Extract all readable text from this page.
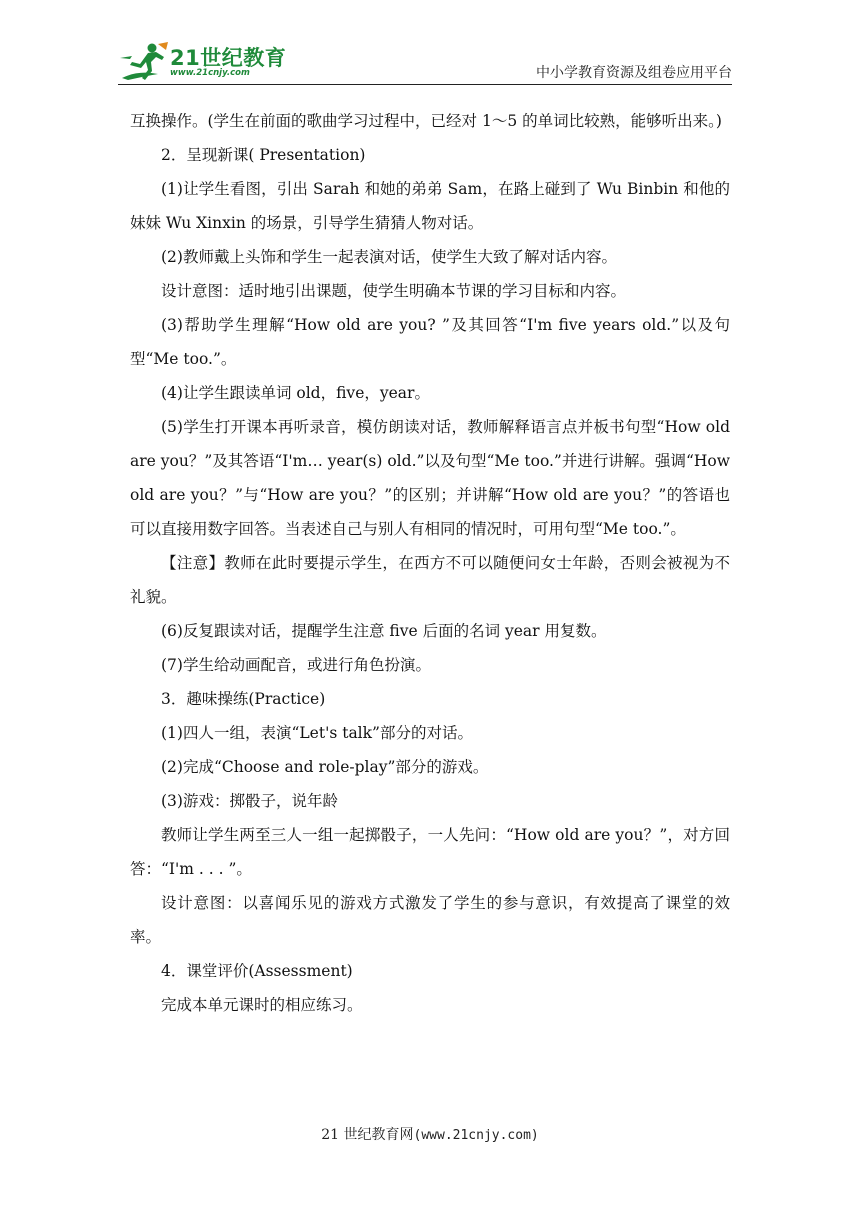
21世纪教育
www.21cnjy.com	中小学教育资源及组卷应用平台

互换操作。(学生在前面的歌曲学习过程中，已经对 1～5 的单词比较熟，能够听出来。)

2．呈现新课( Presentation)

(1)让学生看图，引出 Sarah 和她的弟弟 Sam，在路上碰到了 Wu Binbin 和他的妹妹 Wu Xinxin 的场景，引导学生猜猜人物对话。

(2)教师戴上头饰和学生一起表演对话，使学生大致了解对话内容。

设计意图：适时地引出课题，使学生明确本节课的学习目标和内容。

(3)帮助学生理解“How old are you? ”及其回答“I'm five years old.”以及句型“Me too.”。

(4)让学生跟读单词 old，five，year。

(5)学生打开课本再听录音，模仿朗读对话，教师解释语言点并板书句型“How old are you？”及其答语“I'm… year(s) old.”以及句型“Me too.”并进行讲解。强调“How old are you？”与“How are you？”的区别；并讲解“How old are you？”的答语也可以直接用数字回答。当表述自己与别人有相同的情况时，可用句型“Me too.”。

【注意】教师在此时要提示学生，在西方不可以随便问女士年龄，否则会被视为不礼貌。

(6)反复跟读对话，提醒学生注意 five 后面的名词 year 用复数。

(7)学生给动画配音，或进行角色扮演。

3．趣味操练(Practice)

(1)四人一组，表演“Let's talk”部分的对话。

(2)完成“Choose and role-play”部分的游戏。

(3)游戏：掷骰子，说年龄

教师让学生两至三人一组一起掷骰子，一人先问：“How old are you？”，对方回答：“I'm . . . ”。

设计意图：以喜闻乐见的游戏方式激发了学生的参与意识，有效提高了课堂的效率。

4．课堂评价(Assessment)

完成本单元课时的相应练习。

21 世纪教育网(www.21cnjy.com)
